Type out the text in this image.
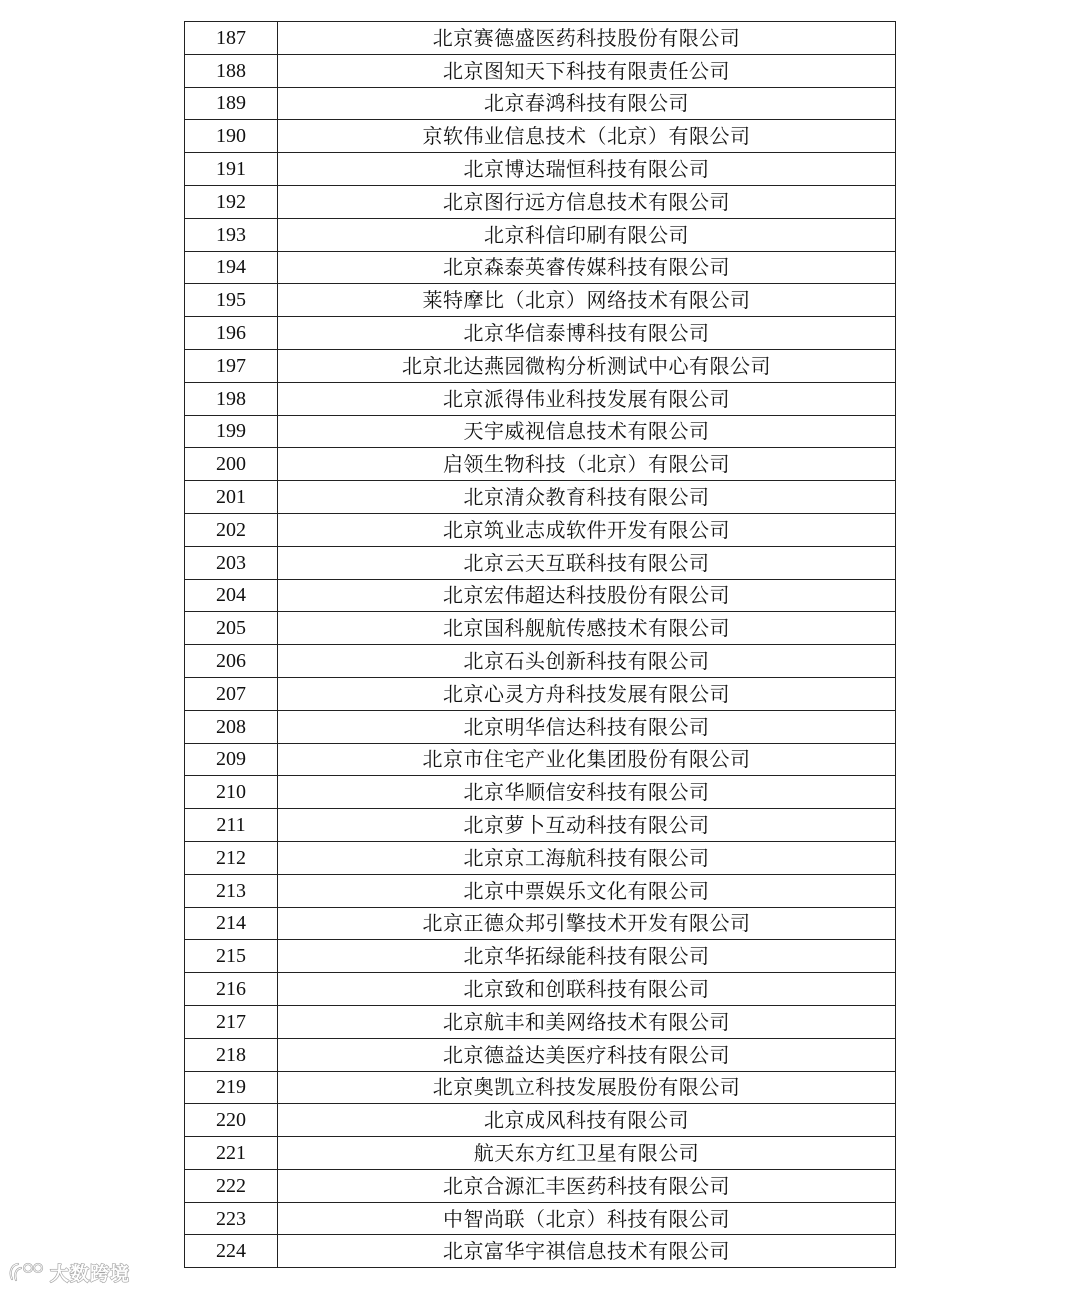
187	北京赛德盛医药科技股份有限公司
188	北京图知天下科技有限责任公司
189	北京春鸿科技有限公司
190	京软伟业信息技术（北京）有限公司
191	北京博达瑞恒科技有限公司
192	北京图行远方信息技术有限公司
193	北京科信印刷有限公司
194	北京森泰英睿传媒科技有限公司
195	莱特摩比（北京）网络技术有限公司
196	北京华信泰博科技有限公司
197	北京北达燕园微构分析测试中心有限公司
198	北京派得伟业科技发展有限公司
199	天宇威视信息技术有限公司
200	启领生物科技（北京）有限公司
201	北京清众教育科技有限公司
202	北京筑业志成软件开发有限公司
203	北京云天互联科技有限公司
204	北京宏伟超达科技股份有限公司
205	北京国科舰航传感技术有限公司
206	北京石头创新科技有限公司
207	北京心灵方舟科技发展有限公司
208	北京明华信达科技有限公司
209	北京市住宅产业化集团股份有限公司
210	北京华顺信安科技有限公司
211	北京萝卜互动科技有限公司
212	北京京工海航科技有限公司
213	北京中票娱乐文化有限公司
214	北京正德众邦引擎技术开发有限公司
215	北京华拓绿能科技有限公司
216	北京致和创联科技有限公司
217	北京航丰和美网络技术有限公司
218	北京德益达美医疗科技有限公司
219	北京奥凯立科技发展股份有限公司
220	北京成风科技有限公司
221	航天东方红卫星有限公司
222	北京合源汇丰医药科技有限公司
223	中智尚联（北京）科技有限公司
224	北京富华宇祺信息技术有限公司
大数跨境
